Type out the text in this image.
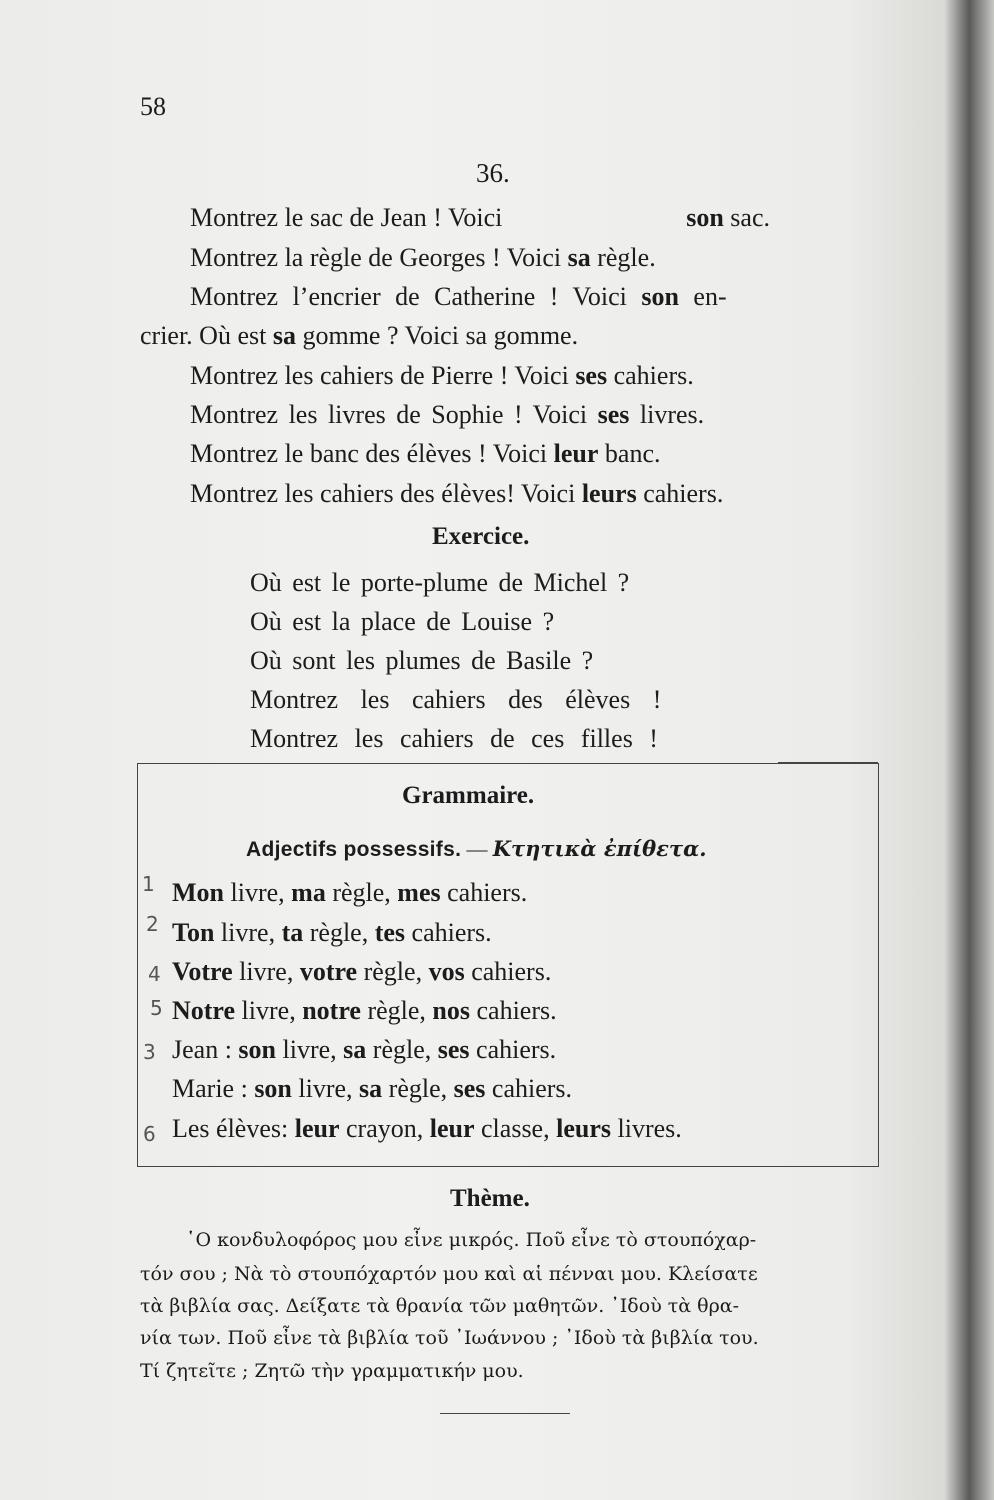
58
36.
Montrez le sac de Jean ! Voici	son sac.
Montrez la règle de Georges ! Voici sa règle.
Montrez l’encrier de Catherine ! Voici son en-
crier. Où est sa gomme ? Voici sa gomme.
Montrez les cahiers de Pierre ! Voici ses cahiers.
Montrez les livres de Sophie ! Voici ses livres.
Montrez le banc des élèves ! Voici leur banc.
Montrez les cahiers des élèves! Voici leurs cahiers.
Exercice.
Où est le porte-plume de Michel ?
Où est la place de Louise ?
Où sont les plumes de Basile ?
Montrez les cahiers des élèves !
Montrez les cahiers de ces filles !
Grammaire.
Adjectifs possessifs. — Κτητικὰ ἐπίθετα.
Mon livre, ma règle, mes cahiers.
Ton livre, ta règle, tes cahiers.
Votre livre, votre règle, vos cahiers.
Notre livre, notre règle, nos cahiers.
Jean : son livre, sa règle, ses cahiers.
Marie : son livre, sa règle, ses cahiers.
Les élèves: leur crayon, leur classe, leurs livres.
1
2
4
5
3
6
Thème.
῾Ο κονδυλοφόρος μου εἶνε μικρός. Ποῦ εἶνε τὸ στουπόχαρ-
τόν σου ; Νὰ τὸ στουπόχαρτόν μου καὶ αἱ πένναι μου. Κλείσατε
τὰ βιβλία σας. Δείξατε τὰ θρανία τῶν μαθητῶν. ᾿Ιδοὺ τὰ θρα-
νία των. Ποῦ εἶνε τὰ βιβλία τοῦ ᾿Ιωάννου ; ᾿Ιδοὺ τὰ βιβλία του.
Τί ζητεῖτε ; Ζητῶ τὴν γραμματικήν μου.
